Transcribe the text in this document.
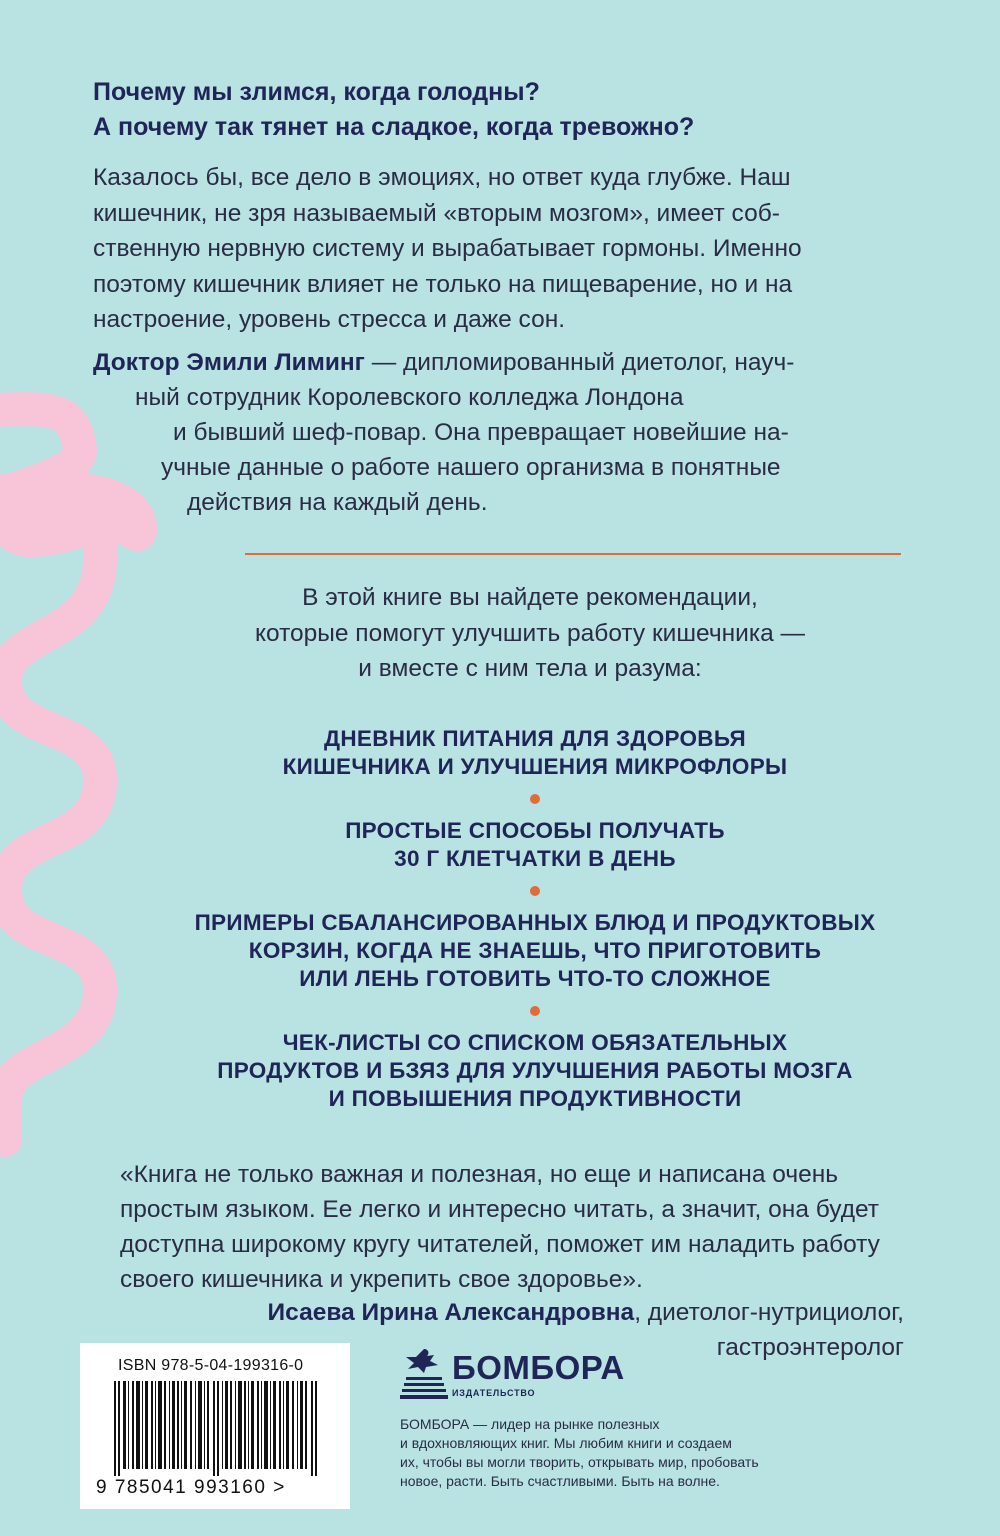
Почему мы злимся, когда голодны?
А почему так тянет на сладкое, когда тревожно?
Казалось бы, все дело в эмоциях, но ответ куда глубже. Наш
кишечник, не зря называемый «вторым мозгом», имеет соб-
ственную нервную систему и вырабатывает гормоны. Именно
поэтому кишечник влияет не только на пищеварение, но и на
настроение, уровень стресса и даже сон.
Доктор Эмили Лиминг — дипломированный диетолог, науч-
ный сотрудник Королевского колледжа Лондона
и бывший шеф-повар. Она превращает новейшие на-
учные данные о работе нашего организма в понятные
действия на каждый день.
В этой книге вы найдете рекомендации,
которые помогут улучшить работу кишечника —
и вместе с ним тела и разума:
ДНЕВНИК ПИТАНИЯ ДЛЯ ЗДОРОВЬЯ
КИШЕЧНИКА И УЛУЧШЕНИЯ МИКРОФЛОРЫ
ПРОСТЫЕ СПОСОБЫ ПОЛУЧАТЬ
30 Г КЛЕТЧАТКИ В ДЕНЬ
ПРИМЕРЫ СБАЛАНСИРОВАННЫХ БЛЮД И ПРОДУКТОВЫХ
КОРЗИН, КОГДА НЕ ЗНАЕШЬ, ЧТО ПРИГОТОВИТЬ
ИЛИ ЛЕНЬ ГОТОВИТЬ ЧТО-ТО СЛОЖНОЕ
ЧЕК-ЛИСТЫ СО СПИСКОМ ОБЯЗАТЕЛЬНЫХ
ПРОДУКТОВ И БЗЯЗ ДЛЯ УЛУЧШЕНИЯ РАБОТЫ МОЗГА
И ПОВЫШЕНИЯ ПРОДУКТИВНОСТИ
«Книга не только важная и полезная, но еще и написана очень
простым языком. Ее легко и интересно читать, а значит, она будет
доступна широкому кругу читателей, поможет им наладить работу
своего кишечника и укрепить свое здоровье».
Исаева Ирина Александровна, диетолог-нутрициолог,
гастроэнтеролог
ISBN 978-5-04-199316-0
9 785041 993160 >
БОМБОРА
ИЗДАТЕЛЬСТВО
БОМБОРА — лидер на рынке полезных
и вдохновляющих книг. Мы любим книги и создаем
их, чтобы вы могли творить, открывать мир, пробовать
новое, расти. Быть счастливыми. Быть на волне.
